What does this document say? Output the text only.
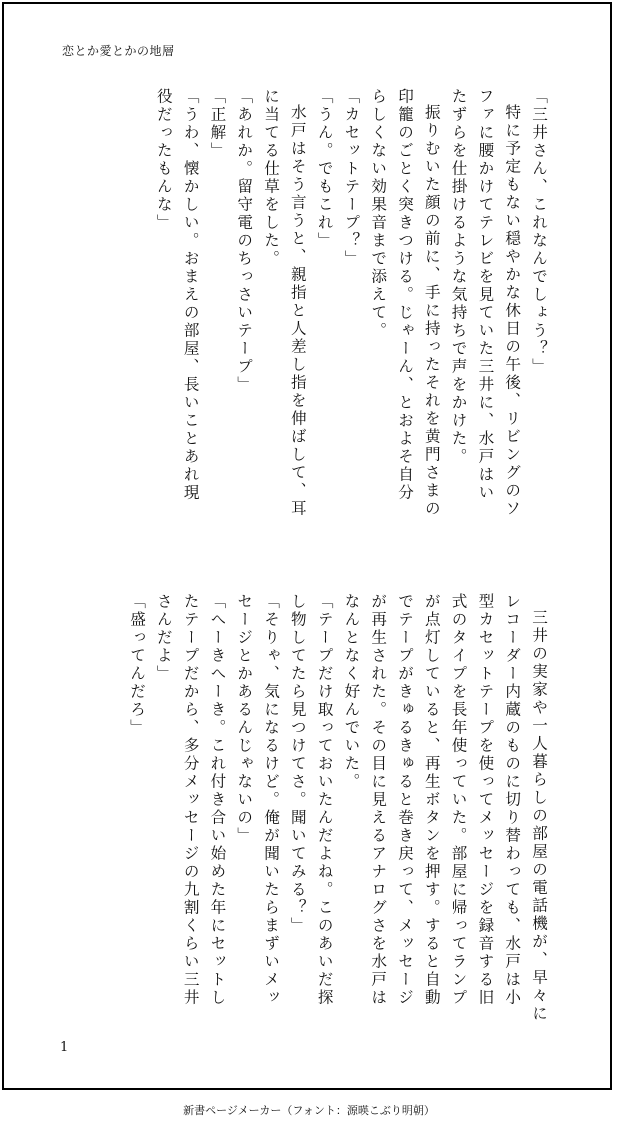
恋とか愛とかの地層

「三井さん、これなんでしょう？」

特に予定もない穏やかな休日の午後、リビングのソファに腰かけてテレビを見ていた三井に、水戸はいたずらを仕掛けるような気持ちで声をかけた。

振りむいた顔の前に、手に持ったそれを黄門さまの印籠のごとく突きつける。じゃーん、とおよそ自分らしくない効果音まで添えて。

「カセットテープ？」

「うん。でもこれ」

水戸はそう言うと、親指と人差し指を伸ばして、耳に当てる仕草をした。

「あれか。留守電のちっさいテープ」

「正解」

「うわ、懐かしい。おまえの部屋、長いことあれ現役だったもんな」

三井の実家や一人暮らしの部屋の電話機が、早々にレコーダー内蔵のものに切り替わっても、水戸は小型カセットテープを使ってメッセージを録音する旧式のタイプを長年使っていた。部屋に帰ってランプが点灯していると、再生ボタンを押す。すると自動でテープがきゅるきゅると巻き戻って、メッセージが再生された。その目に見えるアナログさを水戸はなんとなく好んでいた。

「テープだけ取っておいたんだよね。このあいだ探し物してたら見つけてさ。聞いてみる？」

「そりゃ、気になるけど。俺が聞いたらまずいメッセージとかあるんじゃないの」

「へーきへーき。これ付き合い始めた年にセットしたテープだから、多分メッセージの九割くらい三井さんだよ」

「盛ってんだろ」

1
新書ページメーカー（フォント：源暎こぶり明朝）
